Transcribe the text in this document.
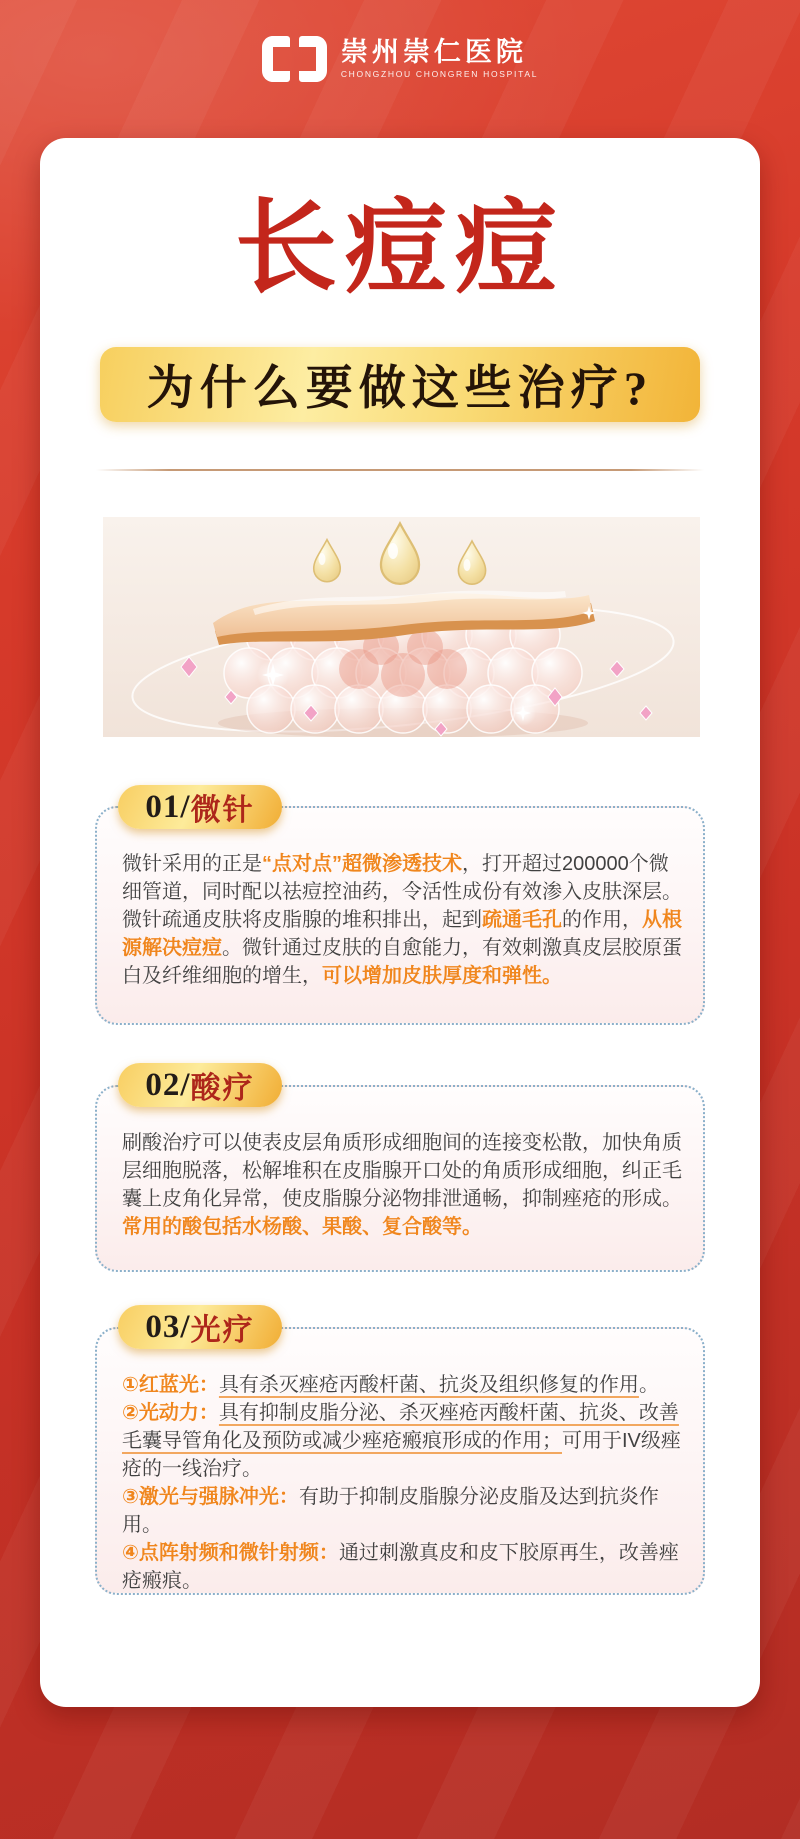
崇州崇仁医院
CHONGZHOU CHONGREN HOSPITAL
长痘痘
为什么要做这些治疗?
01/ 微针

微针采用的正是“点对点”超微渗透技术，打开超过200000个微细管道，同时配以祛痘控油药，令活性成份有效渗入皮肤深层。微针疏通皮肤将皮脂腺的堆积排出，起到疏通毛孔的作用，从根源解决痘痘。微针通过皮肤的自愈能力，有效刺激真皮层胶原蛋白及纤维细胞的增生，可以增加皮肤厚度和弹性。

02/ 酸疗

刷酸治疗可以使表皮层角质形成细胞间的连接变松散，加快角质层细胞脱落，松解堆积在皮脂腺开口处的角质形成细胞，纠正毛囊上皮角化异常，使皮脂腺分泌物排泄通畅，抑制痤疮的形成。常用的酸包括水杨酸、果酸、复合酸等。

03/ 光疗

①红蓝光：具有杀灭痤疮丙酸杆菌、抗炎及组织修复的作用。
②光动力：具有抑制皮脂分泌、杀灭痤疮丙酸杆菌、抗炎、改善毛囊导管角化及预防或减少痤疮瘢痕形成的作用；可用于IV级痤疮的一线治疗。
③激光与强脉冲光：有助于抑制皮脂腺分泌皮脂及达到抗炎作用。
④点阵射频和微针射频：通过刺激真皮和皮下胶原再生，改善痤疮瘢痕。
